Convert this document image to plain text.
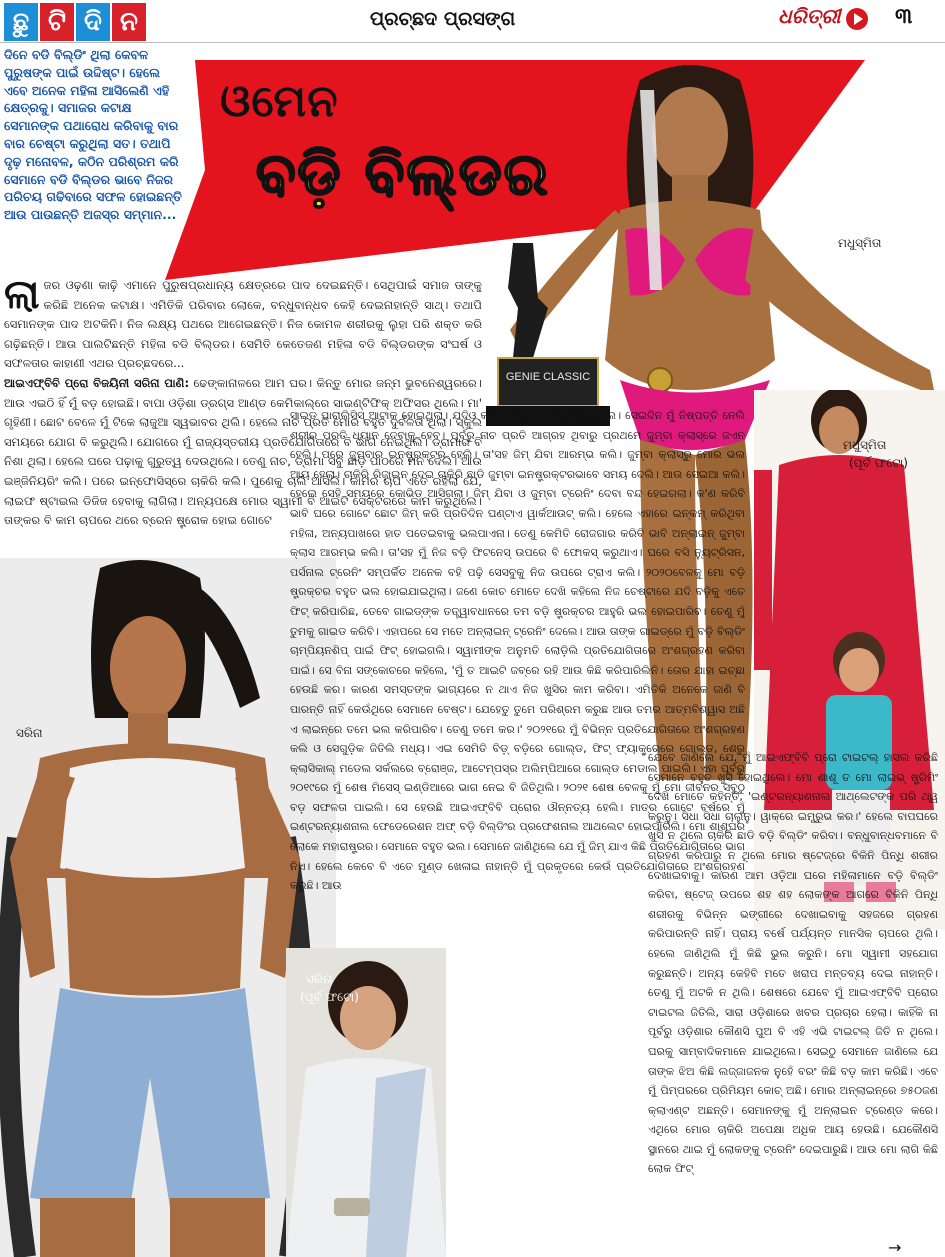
ଛୁ ଟି ଦି ନ	ପ୍ରଚ୍ଛଦ ପ୍ରସଙ୍ଗ	ଧରିତ୍ରୀ ୩
ଓମେନ
ବଡ଼ି ବିଲ୍‌ଡର
ଦିନେ ବଡି ବିଲ୍ଡିଂ ଥିଲା କେବଳ ପୁରୁଷଙ୍କ ପାଇଁ ଉଦ୍ଦିଷ୍ଟ। ହେଲେ ଏବେ ଅନେକ ମହିଳା ଆସିଲେଣି ଏହି କ୍ଷେତ୍ରକୁ। ସମାଜର କଟାକ୍ଷ ସେମାନଙ୍କ ପଥାରୋଧ କରିବାକୁ ବାର ବାର ଚେଷ୍ଟା କରୁଥିଲା ସତ। ତଥାପି ଦୃଢ଼ ମନୋବଳ, କଠିନ ପରିଶ୍ରମ କରି ସେମାନେ ବଡି ବିଲ୍ଡର ଭାବେ ନିଜର ପରିଚୟ ଗଢିବାରେ ସଫଳ ହୋଇଛନ୍ତି ଆଉ ପାଉଛନ୍ତି ଅଜସ୍ର ସମ୍ମାନ...
GENIE CLASSIC
ମଧୁସ୍ମିତା
ମଧୁସ୍ମିତା
(ପୂର୍ବ ଫଟୋ)
ସରିନା
ସରିନା
(ପୂର୍ବ ଫଟୋ)
ଲାଜର ଓଢ଼ଣା କାଢ଼ି ଏମାନେ ପୁରୁଷପ୍ରଧାନ୍ୟ କ୍ଷେତ୍ରରେ ପାଦ ଦେଇଛନ୍ତି। ସେଥିପାଇଁ ସମାଜ ତାଙ୍କୁ କରିଛି ଅନେକ କଟାକ୍ଷ। ଏମିତିକି ପରିବାର ଲୋକେ, ବନ୍ଧୁବାନ୍ଧବ କେହି ଦେଇନାହାନ୍ତି ସାଥ୍। ତଥାପି ସେମାନଙ୍କ ପାଦ ଅଟକିନି। ନିଜ ଲକ୍ଷ୍ୟ ପଥରେ ଆଗେଇଛନ୍ତି। ନିଜ କୋମଳ ଶରୀରକୁ ଲୁହା ପରି ଶକ୍ତ କରି ଗଢ଼ିଛନ୍ତି। ଆଉ ପାଲଟିଛନ୍ତି ମହିଳା ବଡି ବିଲ୍ଡର। ସେମିତି କେତେଜଣ ମହିଳା ବଡି ବିଲ୍ଡରଙ୍କ ସଂଘର୍ଷ ଓ ସଫଳତାର କାହାଣୀ ଏଥର ପ୍ରଚ୍ଛଦରେ...
ଆଇଏଫ୍‌ବିବି ପ୍ରୋ ବିଜୟିନୀ ସରିନା ପାଣି: ଢେଙ୍କାନାଳରେ ଆମ ଘର। କିନ୍ତୁ ମୋର ଜନ୍ମ ଭୁବନେଶ୍ୱରରେ। ଆଉ ଏଇଠି ହିଁ ମୁଁ ବଡ଼ ହୋଇଛି। ବାପା ଓଡ଼ିଶା ଡ୍ରଗ୍‌ସ ଆଣ୍ଡ କେମିକାଲ୍‌ରେ ସାଇଣ୍ଟିଫିକ୍ ଅଫିସର ଥିଲେ। ମା' ଗୃହିଣୀ। ଛୋଟ ବେଳେ ମୁଁ ଟିକେ ଲାଜୁଆ ସ୍ୱଭାବର ଥିଲି। ହେଲେ ନାଚ ପ୍ରତି ମୋର ବହୁତ ଦୁର୍ବଳତା ଥିଲା। ସ୍କୁଲ ସମୟରେ ଯୋଗ ବି କରୁଥିଲି। ଯୋଗରେ ମୁଁ ରାଜ୍ୟସ୍ତରୀୟ ପ୍ରତିଯୋଗିତାରେ ବି ଭାଗ ନେଇଥିଲି। ଡ୍ରାମାର ବି ନିଶା ଥିଲା। ହେଲେ ଘରେ ପଢ଼ାକୁ ଗୁରୁତ୍ୱ ଦେଉଥିଲେ। ତେଣୁ ନାଚ, ଡ୍ରାମା ସବୁ ଛାଡ଼ି ପାଠରେ ମନ ଦେଲି। ଆଉ ଇଞ୍ଜିନିୟରିଂ କଲି। ପରେ ଇନ୍‌ଫୋସିସ୍‌ରେ ଚାକିରି କଲି। ପୁଣେକୁ ଚାଲି ଆସିଲି। କାମର ଚାପ ଏତେ ରହିଲା ଯେ, ଲାଇଫ ଷ୍ଟାଇଲ ଡିଜିଜ ହେବାକୁ ଲାଗିଲା। ଅନ୍ୟପକ୍ଷେ ମୋର ସ୍ୱାମୀ ବି ଆଇଟି ସେକ୍ଟରରେ କାମ କରୁଥିଲେ। ତାଙ୍କର ବି କାମ ଚାପରେ ଥରେ ବ୍ରେନ ଷ୍ଟ୍ରୋକ ହୋଇ ଗୋଟେ
ସାଇଡ ପାରାଲିସିସ୍ ଆଟାକ ହୋଇଥିଲା। ଯଦିଓ କମ୍ ଦିନରେ ସେ ସୁସ୍ଥ ହୋଇଗଲେ। ସେଇଦିନ ମୁଁ ନିଷ୍ପତ୍ତି ନେଲି ଶରୀର ପ୍ରତି ଧ୍ୟାନ ଦେବାକୁ ହେବ। ପୂର୍ବରୁ ନାଚ ପ୍ରତି ଆଗ୍ରହ ଥିବାରୁ ପ୍ରଥମେ ଜୁମ୍ବା କ୍ଲାସ୍‌ରେ ଜଏନ ହେଲି। ପରେ ଜୁମ୍ବାର ଇନଷ୍ଟ୍ରକ୍ଟର ହେଲି। ତା'ସହ ଜିମ୍ ଯିବା ଆରମ୍ଭ କଲି। ଜୁମ୍ବା କ୍ଲାସ୍‌ରୁ ମୋର ଭଲ ଆୟ ହେଲା। ଚାକିରି ରିଜ଼ାଇନ ଦେଇ ଚାକିରି ଛାଡି ଜୁମ୍ବା ଇନଷ୍ଟ୍ରକ୍ଟରଭାବେ ସମୟ ଦେଲି। ଆଉ ସେଇଆ କଲି। ହେଲେ ସେହି ସମୟରେ କୋଭିଡ୍ ଆସିଗଲା। ଜିମ୍ ଯିବା ଓ ଜୁମ୍ବା ଟ୍ରେନିଂ ଦେବା ବନ୍ଦ ହେଇଗଲା। କ'ଣ କରିବି ଭାବି ଘରେ ଗୋଟେ ଛୋଟ ଜିମ୍ କରି ପ୍ରତିଦିନ ଘଣ୍ଟାଏ ୱାର୍କଆଉଟ୍ କଲି। ହେଲେ ଏହାରେ ଇନ୍‌କମ୍ କରିଥିବା ମହିଳା, ଅନ୍ୟପାଖରେ ହାତ ପତେଇବାକୁ ଭଲପାଏନା। ତେଣୁ କେମିତି ରୋଜଗାର କରିବି ଭାବି ଅନ୍‌ଲାଇନ୍ ଜୁମ୍ବା କ୍ଲାସ ଆରମ୍ଭ କଲି। ତା'ସହ ମୁଁ ନିଜ ବଡ଼ି ଫିଟନେସ୍ ଉପରେ ବି ଫୋକସ୍ କରୁଥାଏ। ଘରେ ବସି ନ୍ୟୁଟ୍ରିସନ, ପର୍ସନାଲ ଟ୍ରେନିଂ ସମ୍ପର୍କିତ ଅନେକ ବହି ପଢ଼ି ସେସବୁକୁ ନିଜ ଉପରେ ଟ୍ରାଏ କଲି। ୨୦୨୦ବେଳକୁ ମୋ ବଡ଼ି ଷ୍ଟ୍ରକ୍ଚର ବହୁତ ଭଲ ହୋଇଯାଇଥିଲା। ଜଣେ କୋଚ ମୋତେ ଦେଖି କହିଲେ ନିଜ ଚେଷ୍ଟାରେ ଯଦି ବଡ଼ିକୁ ଏତେ ଫିଟ୍ କରିପାରିଛ, ତେବେ ଗାଇଡ୍‌ଙ୍କ ତତ୍ତ୍ୱାବଧାନରେ ତମ ବଡ଼ି ଷ୍ଟ୍ରକ୍ଚର ଆହୁରି ଭଲ ହୋଇପାରିବ। ତେଣୁ ମୁଁ ତୁମକୁ ଗାଇଡ କରିବି। ଏହାପରେ ସେ ମତେ ଅନ୍‌ଲାଇନ୍ ଟ୍ରେନିଂ ଦେଲେ। ଆଉ ତାଙ୍କ ଗାଇଡ୍‌ରେ ମୁଁ ବଡ଼ି ବିଲ୍ଡିଂ ଚାମ୍ପିୟନଶିପ୍ ପାଇଁ ଫିଟ୍ ହୋଇଗଲି। ସ୍ୱାମୀଙ୍କ ଅନୁମତି ଲୋଡ଼ିଲି ପ୍ରତିଯୋଗିତାରେ ଅଂଶଗ୍ରହଣ କରିବା ପାଇଁ। ସେ ବିନା ସଙ୍କୋଚରେ କହିଲେ, 'ମୁଁ ତ ଆଇଟି ଜବ୍‌ରେ ରହି ଆଉ କିଛି କରିପାରିଲିନି। ତୋର ଯାହା ଇଚ୍ଛା ହେଉଛି କର। କାରଣ ସମସ୍ତଙ୍କ ଭାଗ୍ୟରେ ନ ଥାଏ ନିଜ ଖୁସିର କାମ କରିବା। ଏମିତିକି ଅନେକେ ଜାଣି ବି ପାରନ୍ତି ନାହିଁ କେଉଁଥିରେ ସେମାନେ ବେଷ୍ଟ। ଯେହେତୁ ତୁମେ ପରିଶ୍ରମ କରୁଛ ଆଉ ତମର ଆତ୍ମବିଶ୍ୱାସ ଅଛି ଏ ଲାଇନ୍‌ରେ ତମେ ଭଲ କରିପାରିବ। ତେଣୁ ତମେ କର।' ୨୦୨୧ରେ ମୁଁ ବିଭିନ୍ନ ପ୍ରତିଯୋଗିତାରେ ଅଂଶଗ୍ରହଣ କଲି ଓ ସେଗୁଡ଼ିକ ଜିତିଲି ମଧ୍ୟ। ଏଇ ସେମିତି ବିଡ଼୍ ବଡ଼ିରେ ଗୋଲ୍ଡ, ଫିଟ୍ ଫ୍ୟାକ୍ଟ୍ରେରେ ଗୋଲ୍ଡ, ଶେରୁ କ୍ଲାସିକାଲ୍ ମଡେଲ ସର୍କଲରେ ବ୍ରୋଞ୍ଜ, ଆଟେମ୍ପସ୍‌ର ଅଲିମ୍ପିଆରେ ଗୋଲ୍ଡ ମେଡାଲ ପାଇଲି। ଏହା ପୂର୍ବରୁ ୨୦୧୯ରେ ମୁଁ ଶେଷ ମିସେସ୍ ଇଣ୍ଡିଆରେ ଭାଗ ନେଇ ବି ଜିତିଥିଲି। ୨୦୨୧ ଶେଷ ବେଳକୁ ମୁଁ ମୋ ଜୀବନର ସବୁଠୁ ବଡ଼ ସଫଳତା ପାଇଲି। ସେ ହେଉଛି ଆଇଏଫ୍‌ବିବି ପ୍ରୋର ଔନ୍ନତ୍ୟ ହେଲି। ମାତ୍ର ଗୋଟେ ବର୍ଷରେ ମୁଁ ଇଣ୍ଟରନ୍ୟାଶନାଲ ଫେଡେରେଶନ ଅଫ୍ ବଡ଼ି ବିଲ୍ଡିଂର ପ୍ରଫେଶନାଲ ଆଥଲେଟ ହୋଇପାରିଲି। ମୋ ଶାଶୂଘର ଲୋକେ ମହାରାଷ୍ଟ୍ରର। ସେମାନେ ବହୁତ ଭଲ। ସେମାନେ ଜାଣିଥିଲେ ଯେ ମୁଁ ଜିମ୍ ଯାଏ କିଛି ପ୍ରତିଯୋଗିତାରେ ଭାଗ ନିଏ। ହେଲେ କେବେ ବି ଏତେ ମୁଣ୍ଡ ଖେଳାଇ ନାହାନ୍ତି ମୁଁ ପ୍ରକୃତରେ କେଉଁ ପ୍ରତିଯୋଗିତାରେ ଅଂଶଗ୍ରହଣ କରୁଛି। ଆଉ
ଯେବେ ଜାଣିଲେ ଯେ, ମୁଁ ଆଇଏଫ୍‌ବିବି ପ୍ରୋ ଟାଇଟଲ୍ ହାସଲ କରିଛି ସେମାନେ ବହୁତ ଖୁସି ହୋଇଥିଲେ। ମୋ ଶାଶୂ ତ ମୋ ଲାଇଭ୍ ଷ୍ଟ୍ରିମିଂ ଦେଖି ମୋତେ କହିନ୍ତି, 'ଇଣ୍ଟରନ୍ୟାଶନାଲ ଆଥ୍‌ଲେଟଙ୍କ ପରି ଥ୍ୱ କରୁନୁ। ସିଧା ସିଧା ଚାଲୁନୁ। ୱାକ୍‌ରେ ଇମ୍ପ୍ରୁଭ କର।' ହେଲେ ବାପଘରେ ଖୁସି ନ ଥିଲେ ଚାକିରି ଛାଡି ବଡ଼ି ବିଲ୍ଡିଂ କରିବା। ବନ୍ଧୁବାନ୍ଧବମାନେ ବି ଗ୍ରହଣ କରିପାରୁ ନ ଥିଲେ ମୋର ଷ୍ଟେଜ୍‌ରେ ବିକିନି ପିନ୍ଧି ଶରୀର ଦେଖାଇବାକୁ। କାରଣ ଆମ ଓଡ଼ିଆ ଘରେ ମହିଳାମାନେ ବଡ଼ି ବିଲ୍ଡିଂ କରିବା, ଷ୍ଟେଜ୍ ଉପରେ ଶହ ଶହ ଲୋକଙ୍କ ଆଗରେ ବିକିନି ପିନ୍ଧି ଶରୀରକୁ ବିଭିନ୍ନ ଭଙ୍ଗୀରେ ଦେଖାଇବାକୁ ସହଜରେ ଗ୍ରହଣ କରିପାରନ୍ତି ନାହିଁ। ପ୍ରାୟ ବର୍ଷେ ପର୍ଯ୍ୟନ୍ତ ମାନସିକ ଚାପରେ ଥିଲି। ହେଲେ ଜାଣିଥିଲି ମୁଁ କିଛି ଭୁଲ କରୁନି। ମୋ ସ୍ୱାମୀ ସହଯୋଗ କରୁଛନ୍ତି। ଅନ୍ୟ କେହିବି ମତେ ଖରାପ ମନ୍ତବ୍ୟ ଦେଇ ନାହାନ୍ତି। ତେଣୁ ମୁଁ ଅଟକି ନ ଥିଲି। ଶେଷରେ ଯେବେ ମୁଁ ଆଇଏଫ୍‌ବିବି ପ୍ରୋର ଟାଇଟଲ ଜିତିଲି, ସାରା ଓଡ଼ିଶାରେ ଖବର ପ୍ରଚାର ହେଲା। କାହିଁକି ନା ପୂର୍ବରୁ ଓଡ଼ିଶାର କୌଣସି ପୁଅ ବି ଏହି ଏଭି ଟାଇଟଲ୍ ଜିତି ନ ଥିଲେ। ଘରକୁ ସାମ୍ବାଦିକମାନେ ଯାଇଥିଲେ। ସେଇଠୁ ସେମାନେ ଜାଣିଲେ ଯେ ତାଙ୍କ ଝିଅ କିଛି ଲଜ୍ଜାଜନକ ନୁହେଁ ବରଂ କିଛି ବଡ଼ କାମ କରିଛି। ଏବେ ମୁଁ ପିମ୍ପରରେ ପ୍ରିମିୟମ କୋଚ୍ ଅଛି। ମୋର ଅନ୍‌ଲାଇନ୍‌ରେ ୭୫୦ଜଣ କ୍ଲାଏଣ୍ଟ ଅଛନ୍ତି। ସେମାନଙ୍କୁ ମୁଁ ଅନ୍‌ଲାଇନ ଟ୍ରେଣ୍ଡ କରେ। ଏଥିରେ ମୋର ଚାକିରି ଅପେକ୍ଷା ଅଧିକ ଆୟ ହେଉଛି। ଯେକୌଣସି ସ୍ଥାନରେ ଥାଇ ମୁଁ ଲୋକଙ୍କୁ ଟ୍ରେନିଂ ଦେଇପାରୁଛି। ଆଉ ମୋ ଲାଗି କିଛି ଲୋକ ଫିଟ୍
→
